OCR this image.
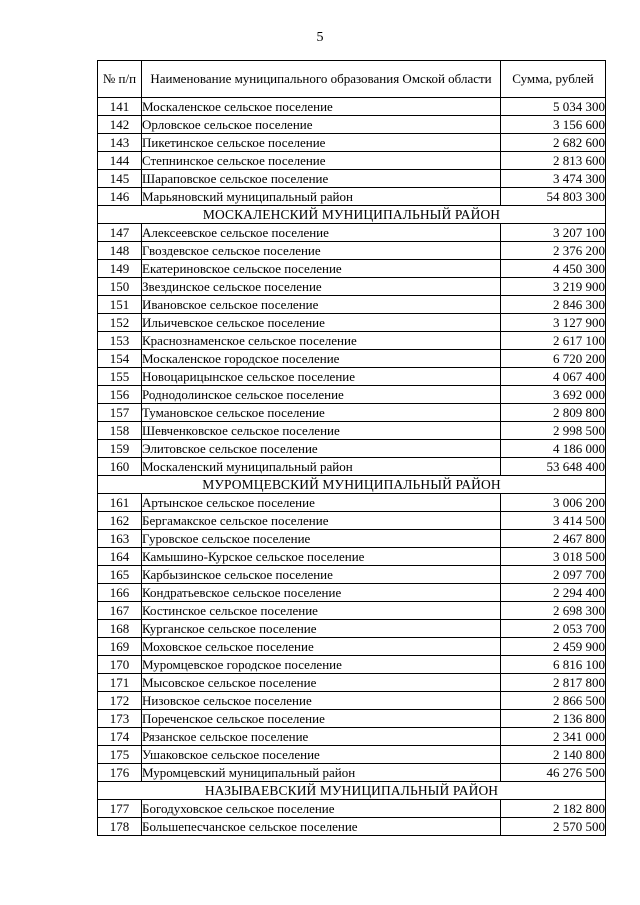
5
№ п/п	Наименование муниципального образования Омской области	Сумма, рублей
141	Москаленское сельское поселение	5 034 300
142	Орловское сельское поселение	3 156 600
143	Пикетинское сельское поселение	2 682 600
144	Степнинское сельское поселение	2 813 600
145	Шараповское сельское поселение	3 474 300
146	Марьяновский муниципальный район	54 803 300
МОСКАЛЕНСКИЙ МУНИЦИПАЛЬНЫЙ РАЙОН		
147	Алексеевское сельское поселение	3 207 100
148	Гвоздевское сельское поселение	2 376 200
149	Екатериновское сельское поселение	4 450 300
150	Звездинское сельское поселение	3 219 900
151	Ивановское сельское поселение	2 846 300
152	Ильичевское сельское поселение	3 127 900
153	Краснознаменское сельское поселение	2 617 100
154	Москаленское городское поселение	6 720 200
155	Новоцарицынское сельское поселение	4 067 400
156	Роднодолинское сельское поселение	3 692 000
157	Тумановское сельское поселение	2 809 800
158	Шевченковское сельское поселение	2 998 500
159	Элитовское сельское поселение	4 186 000
160	Москаленский муниципальный район	53 648 400
МУРОМЦЕВСКИЙ МУНИЦИПАЛЬНЫЙ РАЙОН		
161	Артынское сельское поселение	3 006 200
162	Бергамакское сельское поселение	3 414 500
163	Гуровское сельское поселение	2 467 800
164	Камышино-Курское сельское поселение	3 018 500
165	Карбызинское сельское поселение	2 097 700
166	Кондратьевское сельское поселение	2 294 400
167	Костинское сельское поселение	2 698 300
168	Курганское сельское поселение	2 053 700
169	Моховское сельское поселение	2 459 900
170	Муромцевское городское поселение	6 816 100
171	Мысовское сельское поселение	2 817 800
172	Низовское сельское поселение	2 866 500
173	Пореченское сельское поселение	2 136 800
174	Рязанское сельское поселение	2 341 000
175	Ушаковское сельское поселение	2 140 800
176	Муромцевский муниципальный район	46 276 500
НАЗЫВАЕВСКИЙ МУНИЦИПАЛЬНЫЙ РАЙОН		
177	Богодуховское сельское поселение	2 182 800
178	Большепесчанское сельское поселение	2 570 500
